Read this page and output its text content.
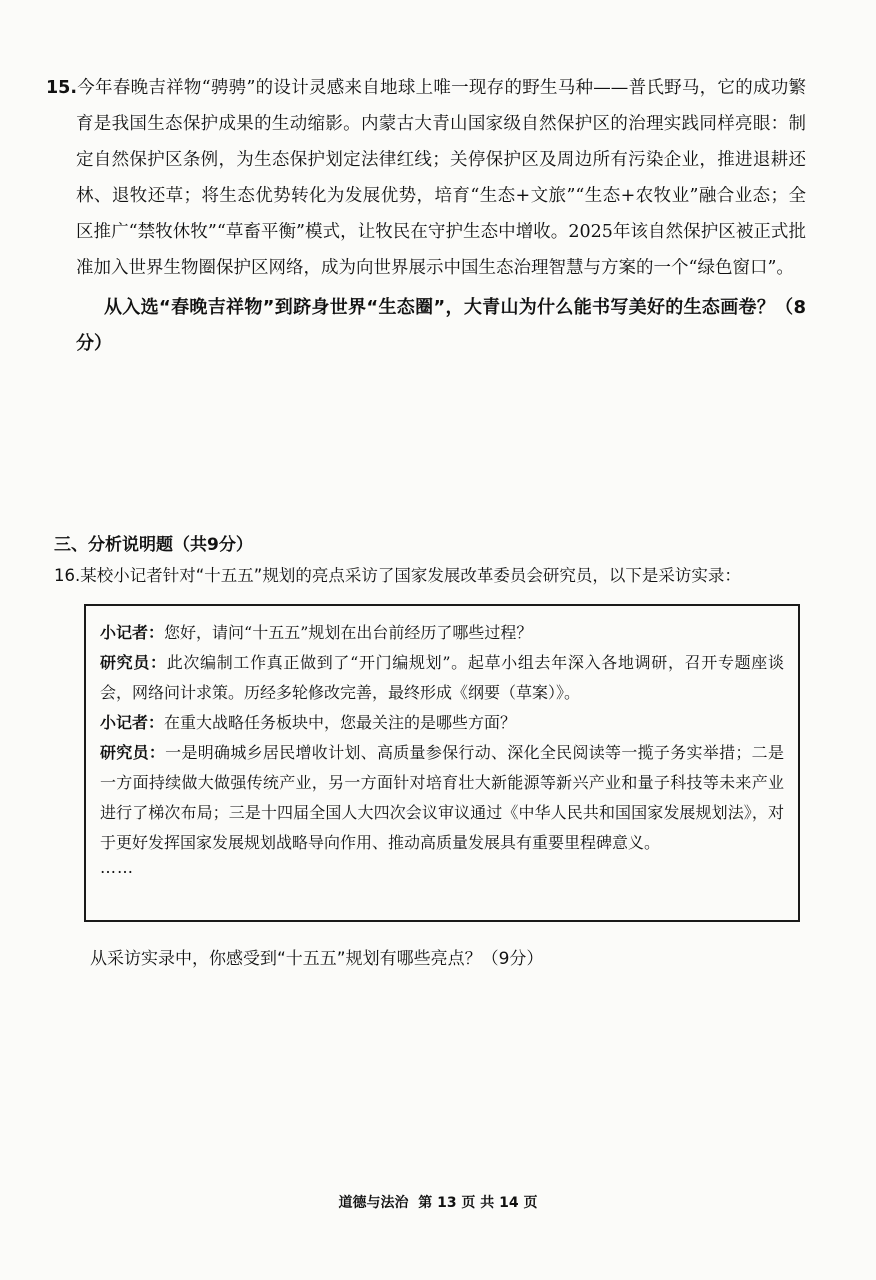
15.今年春晚吉祥物“骋骋”的设计灵感来自地球上唯一现存的野生马种——普氏野马，它的成功繁育是我国生态保护成果的生动缩影。内蒙古大青山国家级自然保护区的治理实践同样亮眼：制定自然保护区条例，为生态保护划定法律红线；关停保护区及周边所有污染企业，推进退耕还林、退牧还草；将生态优势转化为发展优势，培育“生态+文旅”“生态+农牧业”融合业态；全区推广“禁牧休牧”“草畜平衡”模式，让牧民在守护生态中增收。2025年该自然保护区被正式批准加入世界生物圈保护区网络，成为向世界展示中国生态治理智慧与方案的一个“绿色窗口”。
从入选“春晚吉祥物”到跻身世界“生态圈”，大青山为什么能书写美好的生态画卷？（8分）
三、分析说明题（共9分）
16.某校小记者针对“十五五”规划的亮点采访了国家发展改革委员会研究员，以下是采访实录：
小记者：您好，请问“十五五”规划在出台前经历了哪些过程？
研究员：此次编制工作真正做到了“开门编规划”。起草小组去年深入各地调研，召开专题座谈会，网络问计求策。历经多轮修改完善，最终形成《纲要（草案）》。
小记者：在重大战略任务板块中，您最关注的是哪些方面？
研究员：一是明确城乡居民增收计划、高质量参保行动、深化全民阅读等一揽子务实举措；二是一方面持续做大做强传统产业，另一方面针对培育壮大新能源等新兴产业和量子科技等未来产业进行了梯次布局；三是十四届全国人大四次会议审议通过《中华人民共和国国家发展规划法》，对于更好发挥国家发展规划战略导向作用、推动高质量发展具有重要里程碑意义。
……
从采访实录中，你感受到“十五五”规划有哪些亮点？（9分）
道德与法治  第 13 页 共 14 页
